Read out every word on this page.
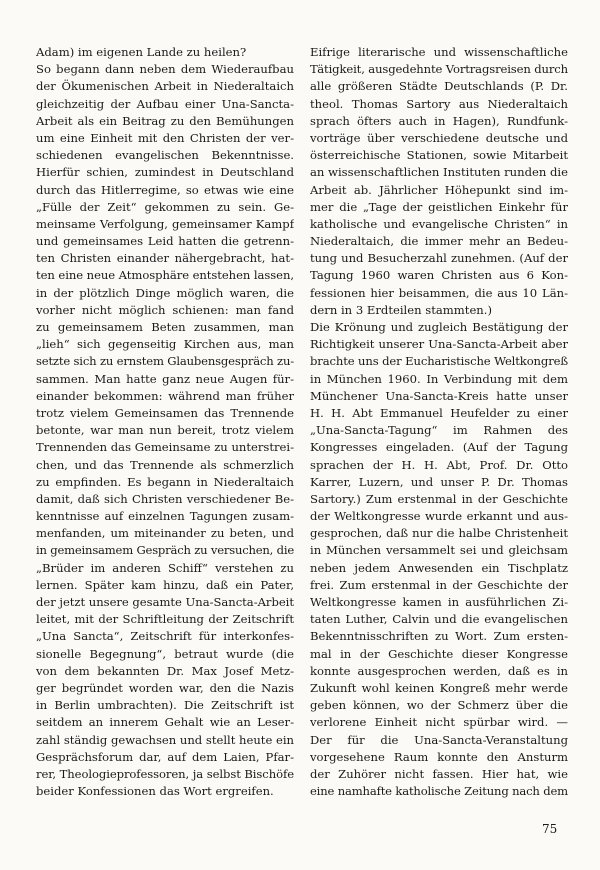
Adam) im eigenen Lande zu heilen?
So begann dann neben dem Wiederaufbau
der Ökumenischen Arbeit in Niederaltaich
gleichzeitig der Aufbau einer Una-Sancta-
Arbeit als ein Beitrag zu den Bemühungen
um eine Einheit mit den Christen der ver-
schiedenen evangelischen Bekenntnisse.
Hierfür schien, zumindest in Deutschland
durch das Hitlerregime, so etwas wie eine
„Fülle der Zeit“ gekommen zu sein. Ge-
meinsame Verfolgung, gemeinsamer Kampf
und gemeinsames Leid hatten die getrenn-
ten Christen einander nähergebracht, hat-
ten eine neue Atmosphäre entstehen lassen,
in der plötzlich Dinge möglich waren, die
vorher nicht möglich schienen: man fand
zu gemeinsamem Beten zusammen, man
„lieh“ sich gegenseitig Kirchen aus, man
setzte sich zu ernstem Glaubensgespräch zu-
sammen. Man hatte ganz neue Augen für-
einander bekommen: während man früher
trotz vielem Gemeinsamen das Trennende
betonte, war man nun bereit, trotz vielem
Trennenden das Gemeinsame zu unterstrei-
chen, und das Trennende als schmerzlich
zu empfinden. Es begann in Niederaltaich
damit, daß sich Christen verschiedener Be-
kenntnisse auf einzelnen Tagungen zusam-
menfanden, um miteinander zu beten, und
in gemeinsamem Gespräch zu versuchen, die
„Brüder im anderen Schiff“ verstehen zu
lernen. Später kam hinzu, daß ein Pater,
der jetzt unsere gesamte Una-Sancta-Arbeit
leitet, mit der Schriftleitung der Zeitschrift
„Una Sancta“, Zeitschrift für interkonfes-
sionelle Begegnung“, betraut wurde (die
von dem bekannten Dr. Max Josef Metz-
ger begründet worden war, den die Nazis
in Berlin umbrachten). Die Zeitschrift ist
seitdem an innerem Gehalt wie an Leser-
zahl ständig gewachsen und stellt heute ein
Gesprächsforum dar, auf dem Laien, Pfar-
rer, Theologieprofessoren, ja selbst Bischöfe
beider Konfessionen das Wort ergreifen.
Eifrige literarische und wissenschaftliche
Tätigkeit, ausgedehnte Vortragsreisen durch
alle größeren Städte Deutschlands (P. Dr.
theol. Thomas Sartory aus Niederaltaich
sprach öfters auch in Hagen), Rundfunk-
vorträge über verschiedene deutsche und
österreichische Stationen, sowie Mitarbeit
an wissenschaftlichen Instituten runden die
Arbeit ab. Jährlicher Höhepunkt sind im-
mer die „Tage der geistlichen Einkehr für
katholische und evangelische Christen“ in
Niederaltaich, die immer mehr an Bedeu-
tung und Besucherzahl zunehmen. (Auf der
Tagung 1960 waren Christen aus 6 Kon-
fessionen hier beisammen, die aus 10 Län-
dern in 3 Erdteilen stammten.)
Die Krönung und zugleich Bestätigung der
Richtigkeit unserer Una-Sancta-Arbeit aber
brachte uns der Eucharistische Weltkongreß
in München 1960. In Verbindung mit dem
Münchener Una-Sancta-Kreis hatte unser
H. H. Abt Emmanuel Heufelder zu einer
„Una-Sancta-Tagung“ im Rahmen des
Kongresses eingeladen. (Auf der Tagung
sprachen der H. H. Abt, Prof. Dr. Otto
Karrer, Luzern, und unser P. Dr. Thomas
Sartory.) Zum erstenmal in der Geschichte
der Weltkongresse wurde erkannt und aus-
gesprochen, daß nur die halbe Christenheit
in München versammelt sei und gleichsam
neben jedem Anwesenden ein Tischplatz
frei. Zum erstenmal in der Geschichte der
Weltkongresse kamen in ausführlichen Zi-
taten Luther, Calvin und die evangelischen
Bekenntnisschriften zu Wort. Zum ersten-
mal in der Geschichte dieser Kongresse
konnte ausgesprochen werden, daß es in
Zukunft wohl keinen Kongreß mehr werde
geben können, wo der Schmerz über die
verlorene Einheit nicht spürbar wird. —
Der für die Una-Sancta-Veranstaltung
vorgesehene Raum konnte den Ansturm
der Zuhörer nicht fassen. Hier hat, wie
eine namhafte katholische Zeitung nach dem
75
